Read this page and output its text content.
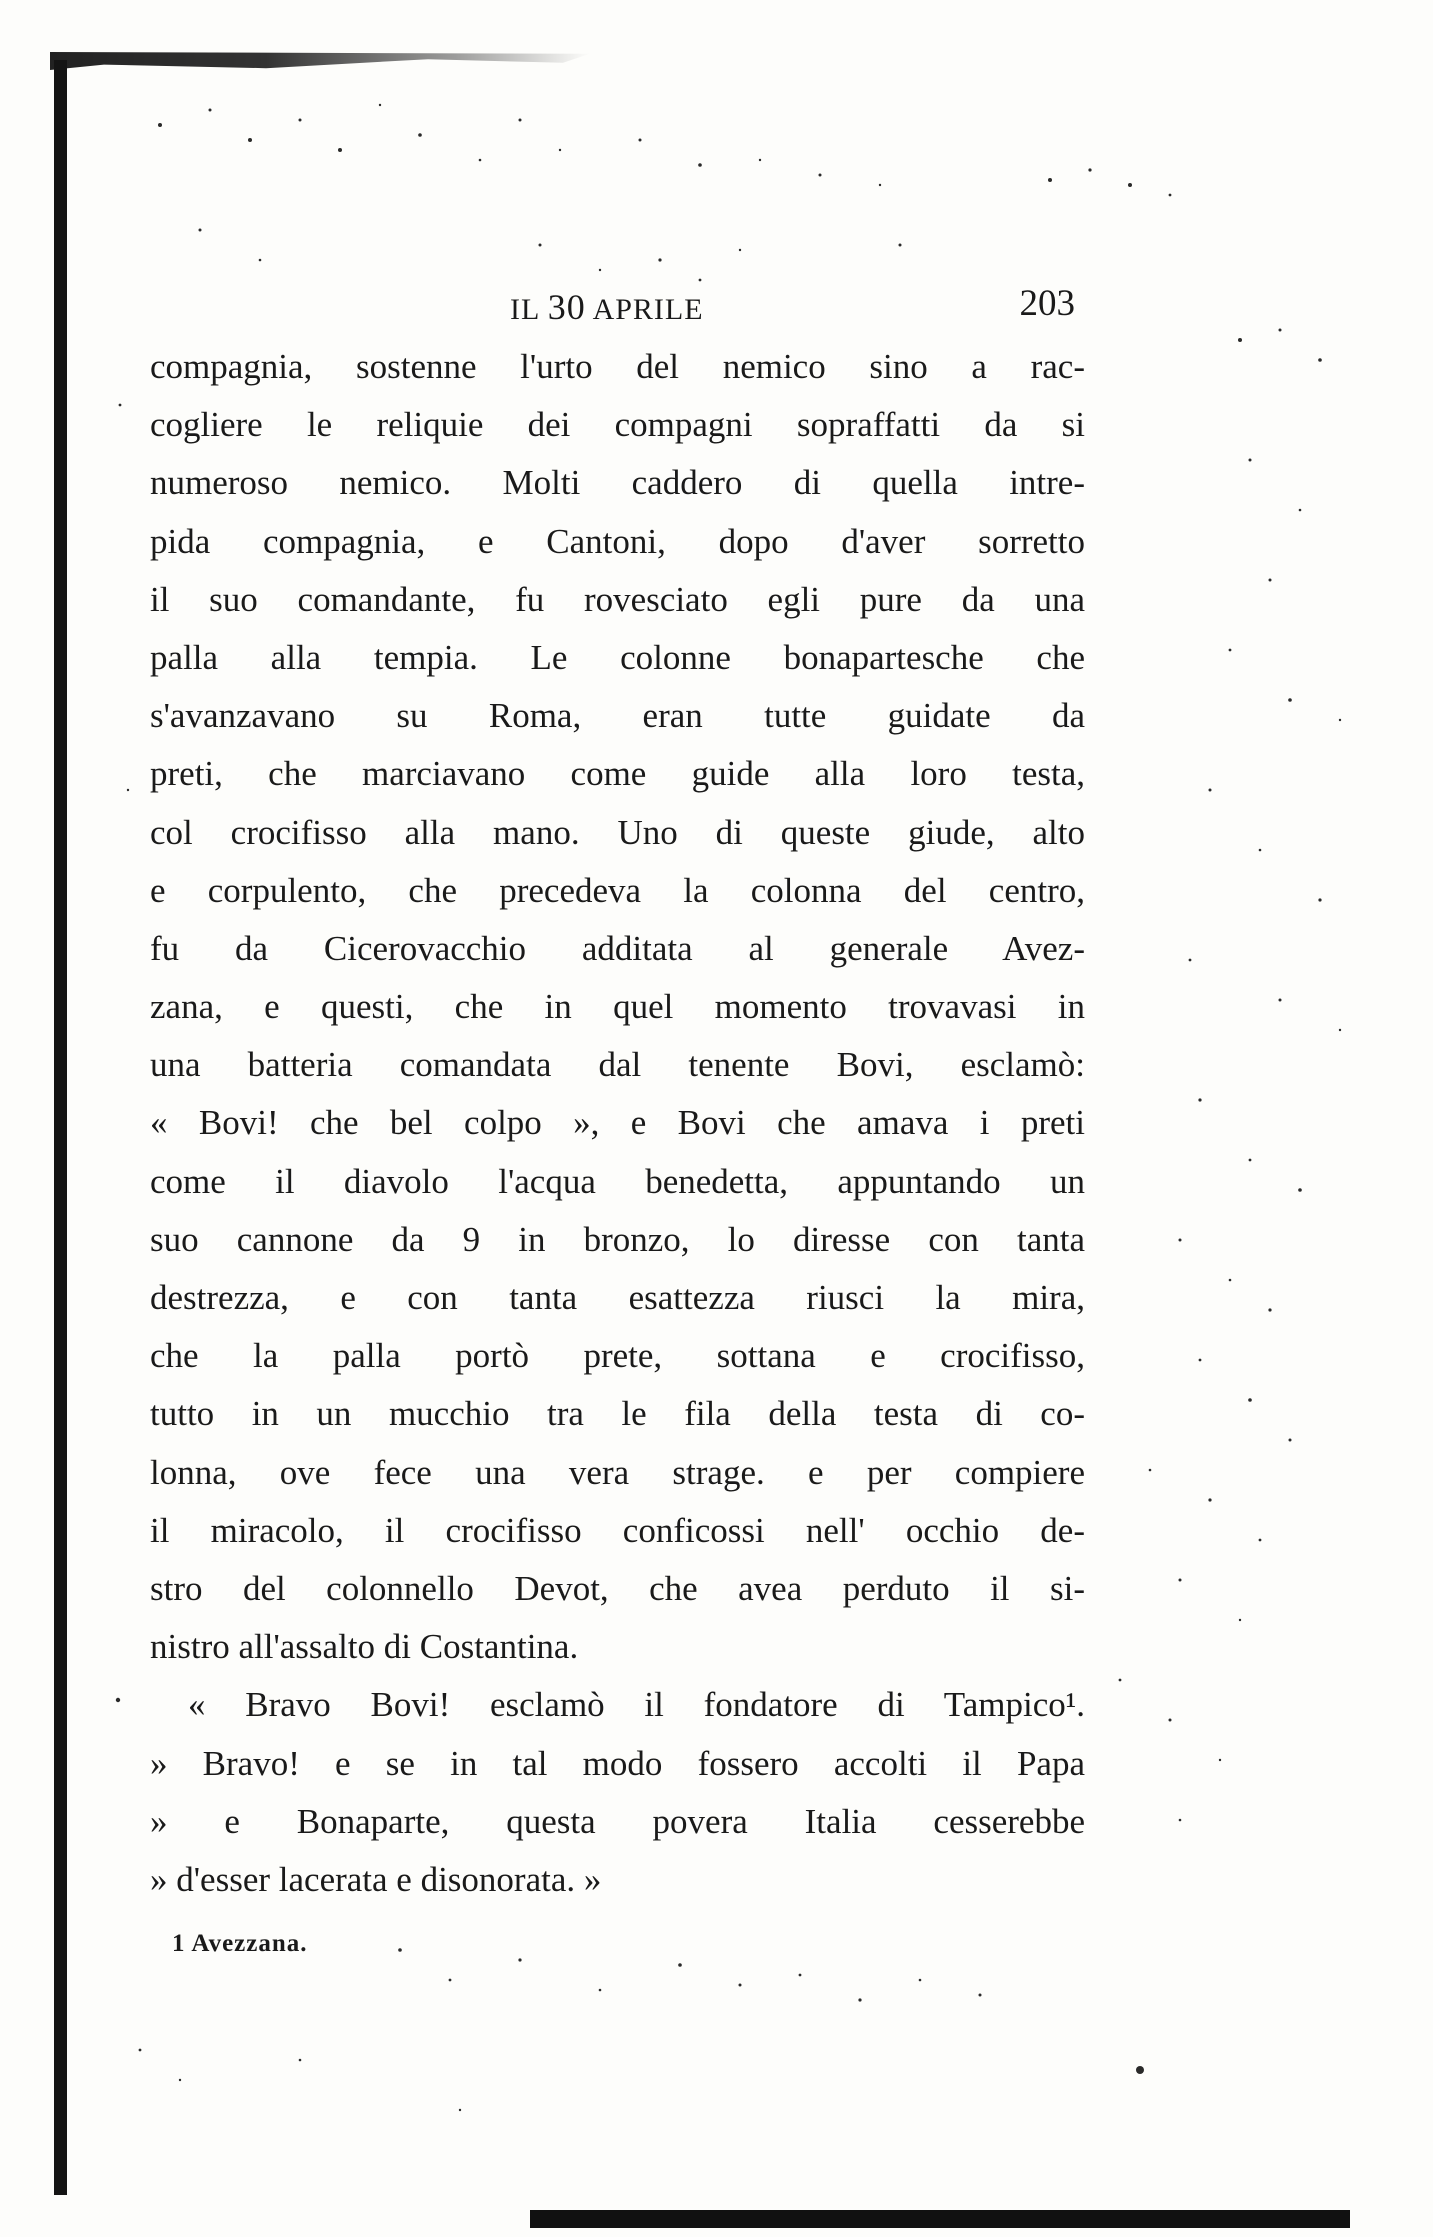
IL 30 APRILE	203
compagnia, sostenne l'urto del nemico sino a rac-
cogliere le reliquie dei compagni sopraffatti da si
numeroso nemico. Molti caddero di quella intre-
pida compagnia, e Cantoni, dopo d'aver sorretto
il suo comandante, fu rovesciato egli pure da una
palla alla tempia. Le colonne bonapartesche che
s'avanzavano su Roma, eran tutte guidate da
preti, che marciavano come guide alla loro testa,
col crocifisso alla mano. Uno di queste giude, alto
e corpulento, che precedeva la colonna del centro,
fu da Cicerovacchio additata al generale Avez-
zana, e questi, che in quel momento trovavasi in
una batteria comandata dal tenente Bovi, esclamò:
« Bovi! che bel colpo », e Bovi che amava i preti
come il diavolo l'acqua benedetta, appuntando un
suo cannone da 9 in bronzo, lo diresse con tanta
destrezza, e con tanta esattezza riusci la mira,
che la palla portò prete, sottana e crocifisso,
tutto in un mucchio tra le fila della testa di co-
lonna, ove fece una vera strage. e per compiere
il miracolo, il crocifisso conficossi nell' occhio de-
stro del colonnello Devot, che avea perduto il si-
nistro all'assalto di Costantina.
« Bravo Bovi! esclamò il fondatore di Tampico¹.
» Bravo! e se in tal modo fossero accolti il Papa
» e Bonaparte, questa povera Italia cesserebbe
» d'esser lacerata e disonorata. »
1 Avezzana.
